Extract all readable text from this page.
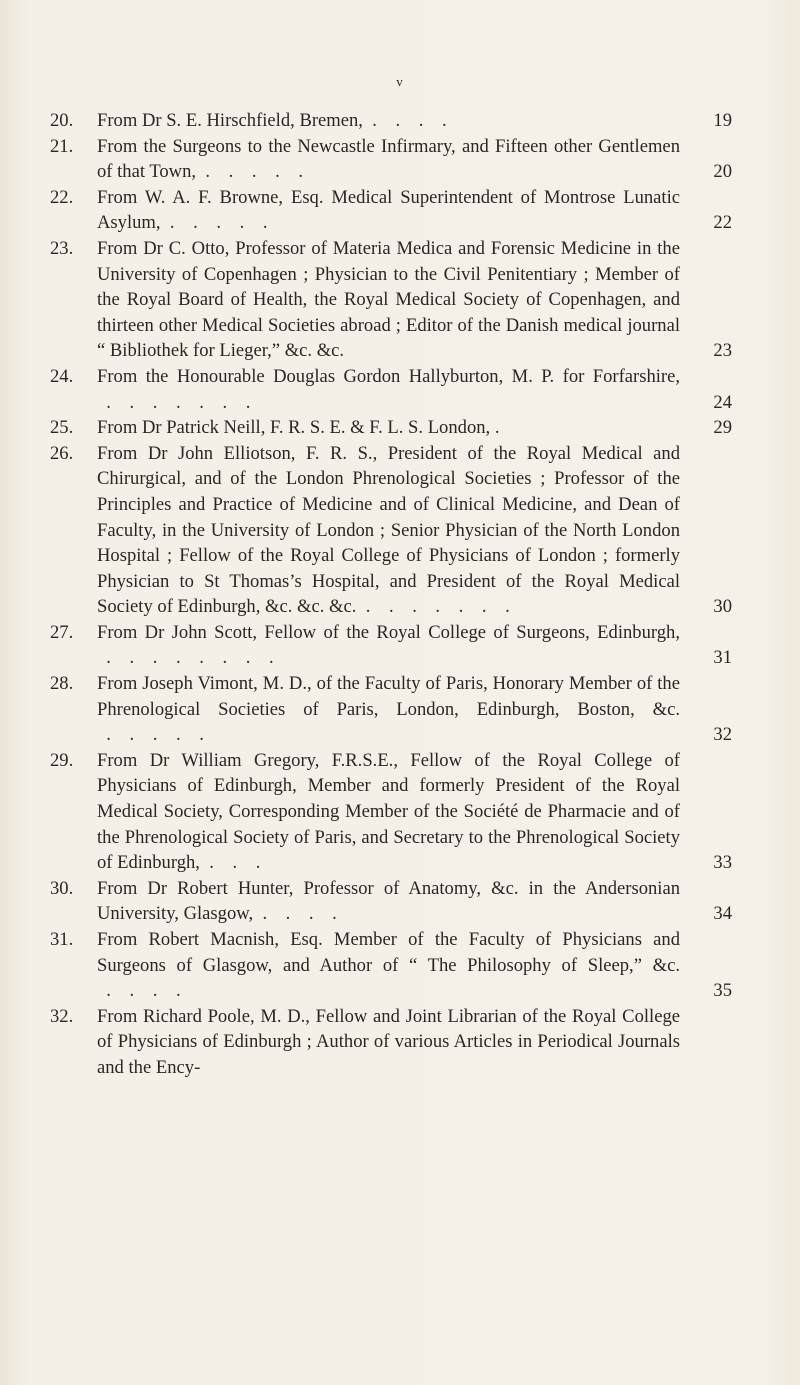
v
20.	From Dr S. E. Hirschfield, Bremen,  .    .    .    .	19
21.	From the Surgeons to the Newcastle Infirmary, and Fifteen other Gentlemen of that Town,  .    .    .    .    .	20
22.	From W. A. F. Browne, Esq. Medical Superintendent of Montrose Lunatic Asylum,  .    .    .    .    .	22
23.	From Dr C. Otto, Professor of Materia Medica and Forensic Medicine in the University of Copenhagen ; Physician to the Civil Penitentiary ; Member of the Royal Board of Health, the Royal Medical Society of Copenhagen, and thirteen other Medical Societies abroad ; Editor of the Danish medical journal “ Bibliothek for Lieger,” &c. &c.	23
24.	From the Honourable Douglas Gordon Hallyburton, M. P. for Forfarshire,  .    .    .    .    .    .    .	24
25.	From Dr Patrick Neill, F. R. S. E. & F. L. S. London, .	29
26.	From Dr John Elliotson, F. R. S., President of the Royal Medical and Chirurgical, and of the London Phrenological Societies ; Professor of the Principles and Practice of Medicine and of Clinical Medicine, and Dean of Faculty, in the University of London ; Senior Physician of the North London Hospital ; Fellow of the Royal College of Physicians of London ; formerly Physician to St Thomas’s Hospital, and President of the Royal Medical Society of Edinburgh, &c. &c. &c.  .    .    .    .    .    .    .	30
27.	From Dr John Scott, Fellow of the Royal College of Surgeons, Edinburgh,  .    .    .    .    .    .    .    .	31
28.	From Joseph Vimont, M. D., of the Faculty of Paris, Honorary Member of the Phrenological Societies of Paris, London, Edinburgh, Boston, &c.  .    .    .    .    .	32
29.	From Dr William Gregory, F.R.S.E., Fellow of the Royal College of Physicians of Edinburgh, Member and formerly President of the Royal Medical Society, Corresponding Member of the Société de Pharmacie and of the Phrenological Society of Paris, and Secretary to the Phrenological Society of Edinburgh,  .    .    .	33
30.	From Dr Robert Hunter, Professor of Anatomy, &c. in the Andersonian University, Glasgow,  .    .    .    .	34
31.	From Robert Macnish, Esq. Member of the Faculty of Physicians and Surgeons of Glasgow, and Author of “ The Philosophy of Sleep,” &c.  .    .    .    .	35
32.	From Richard Poole, M. D., Fellow and Joint Librarian of the Royal College of Physicians of Edinburgh ; Author of various Articles in Periodical Journals and the Ency-
